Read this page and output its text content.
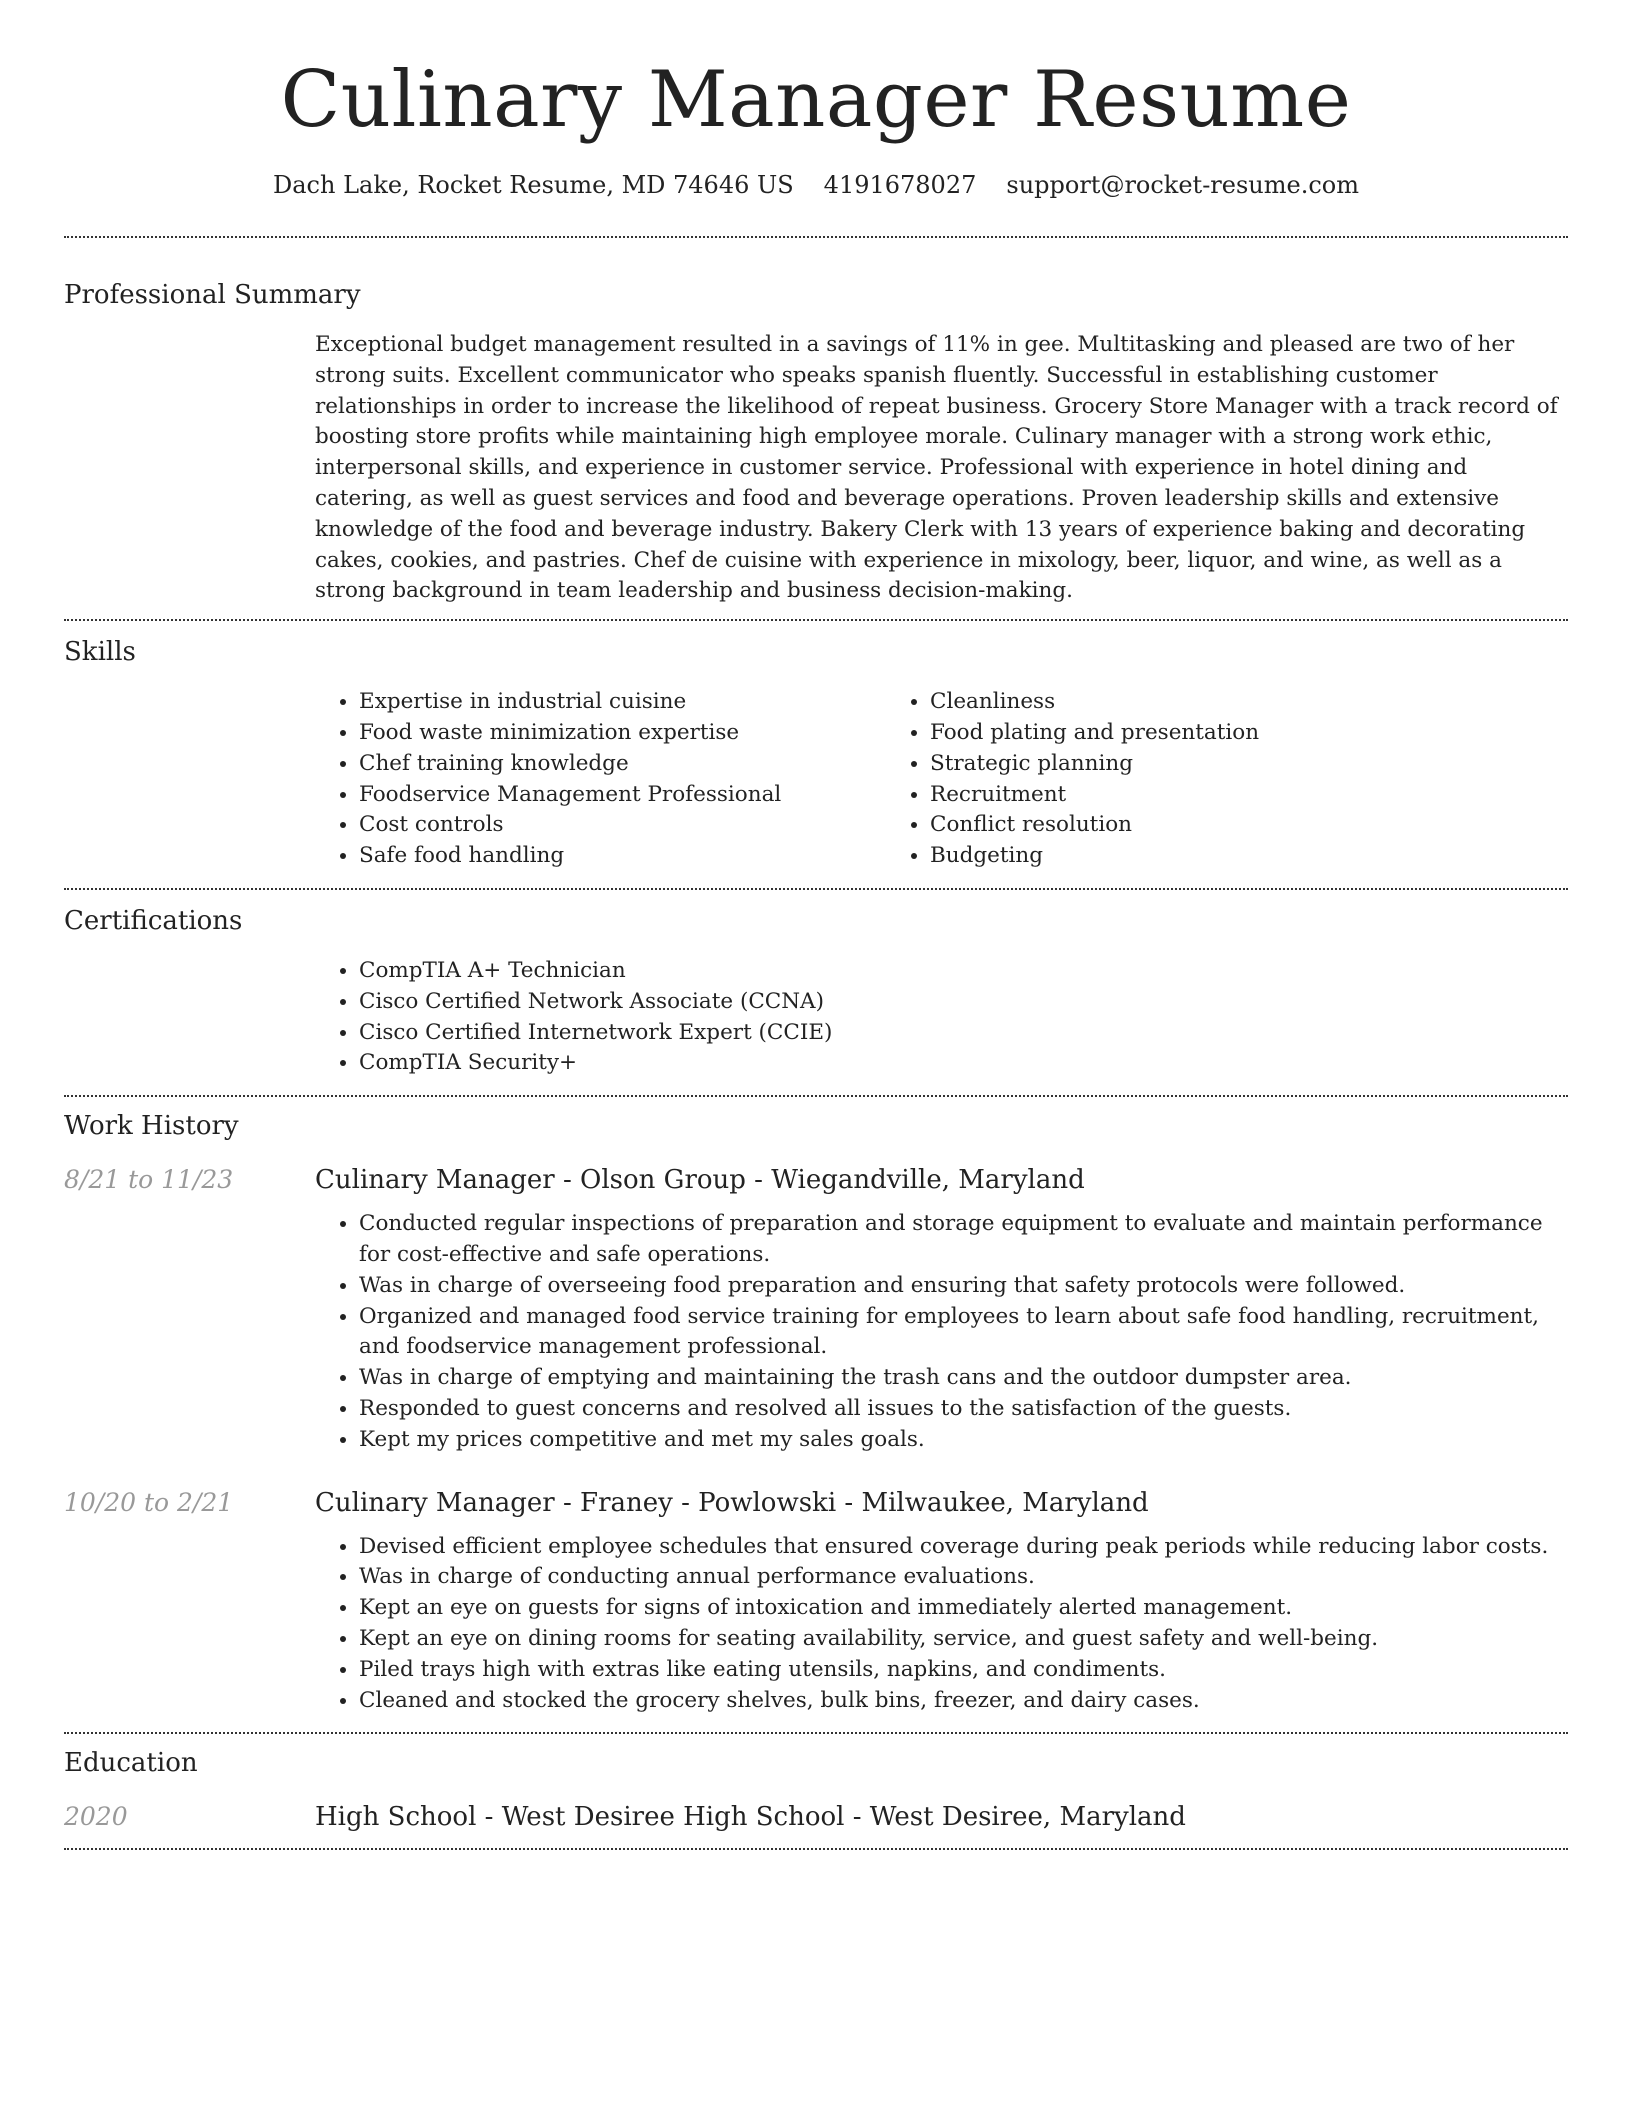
Culinary Manager Resume
Dach Lake, Rocket Resume, MD 74646 US 4191678027 support@rocket-resume.com
Professional Summary
Exceptional budget management resulted in a savings of 11% in gee. Multitasking and pleased are two of her strong suits. Excellent communicator who speaks spanish fluently. Successful in establishing customer relationships in order to increase the likelihood of repeat business. Grocery Store Manager with a track record of boosting store profits while maintaining high employee morale. Culinary manager with a strong work ethic, interpersonal skills, and experience in customer service. Professional with experience in hotel dining and catering, as well as guest services and food and beverage operations. Proven leadership skills and extensive knowledge of the food and beverage industry. Bakery Clerk with 13 years of experience baking and decorating cakes, cookies, and pastries. Chef de cuisine with experience in mixology, beer, liquor, and wine, as well as a strong background in team leadership and business decision-making.
Skills
• Expertise in industrial cuisine
• Food waste minimization expertise
• Chef training knowledge
• Foodservice Management Professional
• Cost controls
• Safe food handling
• Cleanliness
• Food plating and presentation
• Strategic planning
• Recruitment
• Conflict resolution
• Budgeting
Certifications
• CompTIA A+ Technician
• Cisco Certified Network Associate (CCNA)
• Cisco Certified Internetwork Expert (CCIE)
• CompTIA Security+
Work History
8/21 to 11/23	Culinary Manager - Olson Group - Wiegandville, Maryland
• Conducted regular inspections of preparation and storage equipment to evaluate and maintain performance for cost-effective and safe operations.
• Was in charge of overseeing food preparation and ensuring that safety protocols were followed.
• Organized and managed food service training for employees to learn about safe food handling, recruitment, and foodservice management professional.
• Was in charge of emptying and maintaining the trash cans and the outdoor dumpster area.
• Responded to guest concerns and resolved all issues to the satisfaction of the guests.
• Kept my prices competitive and met my sales goals.
10/20 to 2/21	Culinary Manager - Franey - Powlowski - Milwaukee, Maryland
• Devised efficient employee schedules that ensured coverage during peak periods while reducing labor costs.
• Was in charge of conducting annual performance evaluations.
• Kept an eye on guests for signs of intoxication and immediately alerted management.
• Kept an eye on dining rooms for seating availability, service, and guest safety and well-being.
• Piled trays high with extras like eating utensils, napkins, and condiments.
• Cleaned and stocked the grocery shelves, bulk bins, freezer, and dairy cases.
Education
2020	High School - West Desiree High School - West Desiree, Maryland
